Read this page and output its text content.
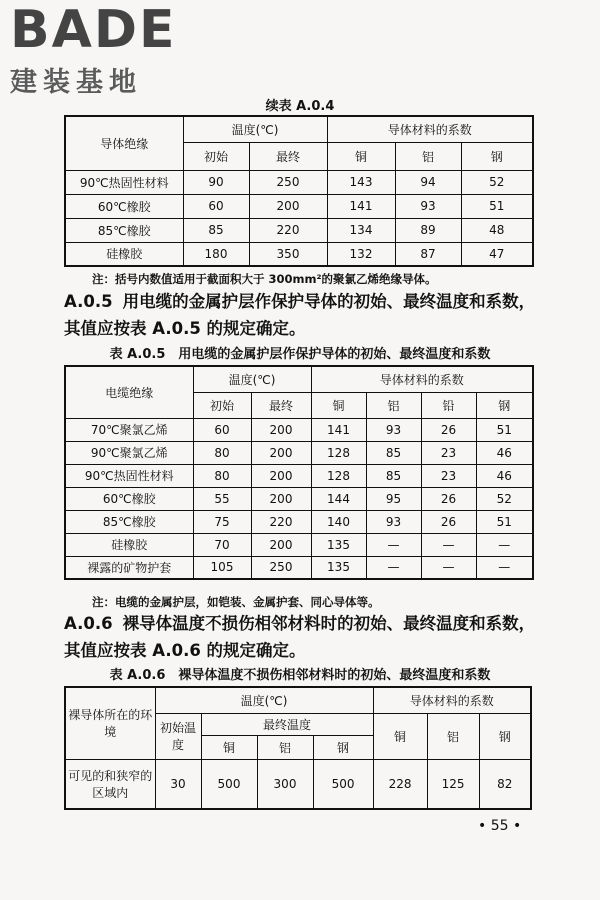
BADE
建装基地
续表 A.0.4
导体绝缘	温度(℃)		导体材料的系数		
	初始	最终	铜	铝	钢
90℃热固性材料	90	250	143	94	52
60℃橡胶	60	200	141	93	51
85℃橡胶	85	220	134	89	48
硅橡胶	180	350	132	87	47
注：括号内数值适用于截面积大于 300mm²的聚氯乙烯绝缘导体。
A.0.5 用电缆的金属护层作保护导体的初始、最终温度和系数，其值应按表 A.0.5 的规定确定。
表 A.0.5　用电缆的金属护层作保护导体的初始、最终温度和系数
电缆绝缘	温度(℃)		导体材料的系数			
	初始	最终	铜	铝	铅	钢
70℃聚氯乙烯	60	200	141	93	26	51
90℃聚氯乙烯	80	200	128	85	23	46
90℃热固性材料	80	200	128	85	23	46
60℃橡胶	55	200	144	95	26	52
85℃橡胶	75	220	140	93	26	51
硅橡胶	70	200	135	—	—	—
裸露的矿物护套	105	250	135	—	—	—
注：电缆的金属护层，如铠装、金属护套、同心导体等。
A.0.6 裸导体温度不损伤相邻材料时的初始、最终温度和系数，其值应按表 A.0.6 的规定确定。
表 A.0.6　裸导体温度不损伤相邻材料时的初始、最终温度和系数
裸导体所在的环境	温度(℃)				导体材料的系数		
	初始温度	最终温度			铜	铝	钢
		铜	铝	钢			
可见的和狭窄的区域内	30	500	300	500	228	125	82
• 55 •
